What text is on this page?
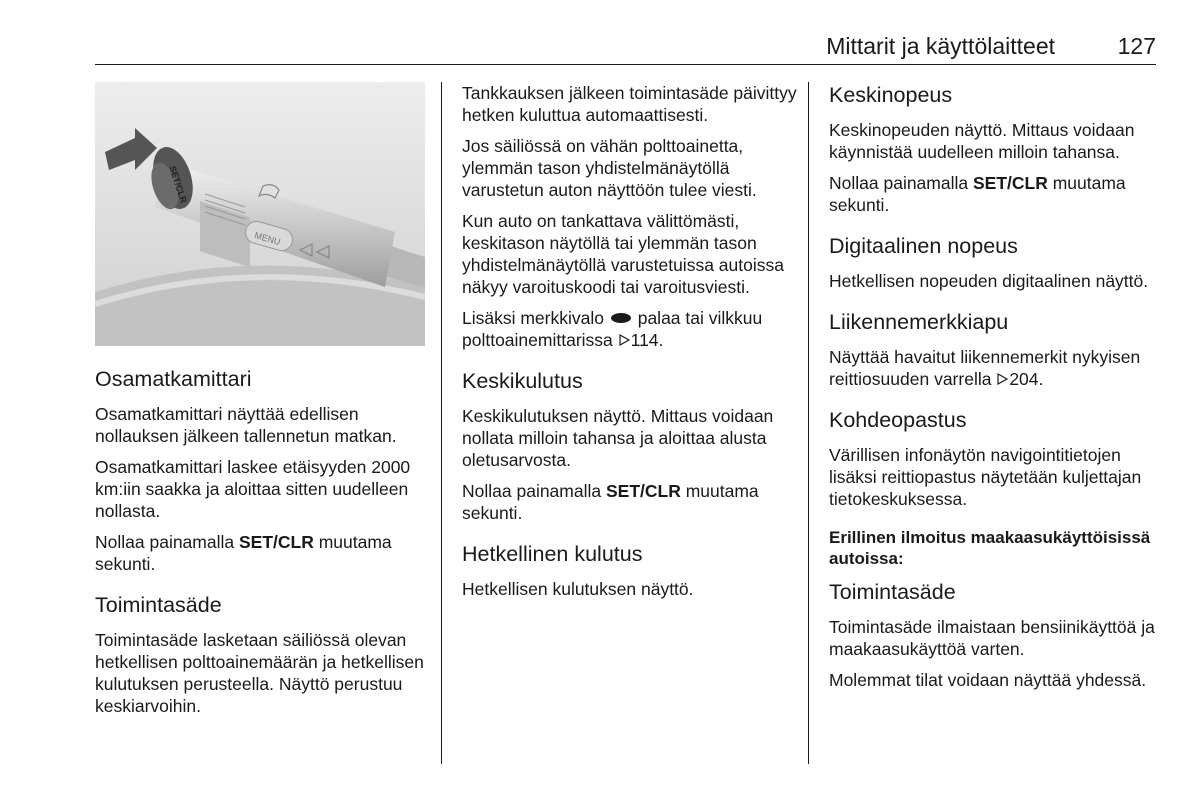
Mittarit ja käyttölaitteet	127
MENU
SET/CLR
Osamatkamittari
Osamatkamittari näyttää edellisen nollauksen jälkeen tallennetun matkan.
Osamatkamittari laskee etäisyyden 2000 km:iin saakka ja aloittaa sitten uudelleen nollasta.
Nollaa painamalla SET/CLR muutama sekunti.
Toimintasäde
Toimintasäde lasketaan säiliössä olevan hetkellisen polttoainemäärän ja hetkellisen kulutuksen perusteella. Näyttö perustuu keskiarvoihin.
Tankkauksen jälkeen toimintasäde päivittyy hetken kuluttua automaattisesti.
Jos säiliössä on vähän polttoainetta, ylemmän tason yhdistelmänäytöllä varustetun auton näyttöön tulee viesti.
Kun auto on tankattava välittömästi, keskitason näytöllä tai ylemmän tason yhdistelmänäytöllä varustetuissa autoissa näkyy varoituskoodi tai varoitusviesti.
Lisäksi merkkivalo  palaa tai vilkkuu polttoainemittarissa 114.
Keskikulutus
Keskikulutuksen näyttö. Mittaus voidaan nollata milloin tahansa ja aloittaa alusta oletusarvosta.
Nollaa painamalla SET/CLR muutama sekunti.
Hetkellinen kulutus
Hetkellisen kulutuksen näyttö.
Keskinopeus
Keskinopeuden näyttö. Mittaus voidaan käynnistää uudelleen milloin tahansa.
Nollaa painamalla SET/CLR muutama sekunti.
Digitaalinen nopeus
Hetkellisen nopeuden digitaalinen näyttö.
Liikennemerkkiapu
Näyttää havaitut liikennemerkit nykyisen reittiosuuden varrella 204.
Kohdeopastus
Värillisen infonäytön navigointitietojen lisäksi reittiopastus näytetään kuljettajan tietokeskuksessa.
Erillinen ilmoitus maakaasukäyttöisissä autoissa:
Toimintasäde
Toimintasäde ilmaistaan bensiinikäyttöä ja maakaasukäyttöä varten.
Molemmat tilat voidaan näyttää yhdessä.
